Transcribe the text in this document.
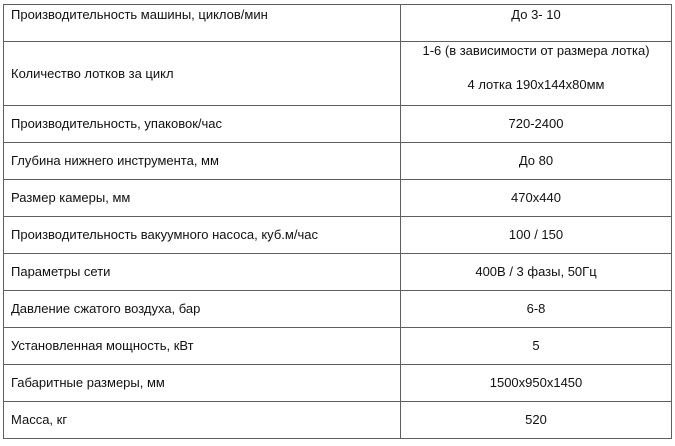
Производительность машины, циклов/мин	До 3- 10
Количество лотков за цикл	1-6 (в зависимости от размера лотка)
4 лотка 190х144х80мм

Производительность, упаковок/час	720-2400
Глубина нижнего инструмента, мм	До 80
Размер камеры, мм	470х440
Производительность вакуумного насоса, куб.м/час	100 / 150
Параметры сети	400В / 3 фазы, 50Гц
Давление сжатого воздуха, бар	6-8
Установленная мощность, кВт	5
Габаритные размеры, мм	1500х950х1450
Масса, кг	520
